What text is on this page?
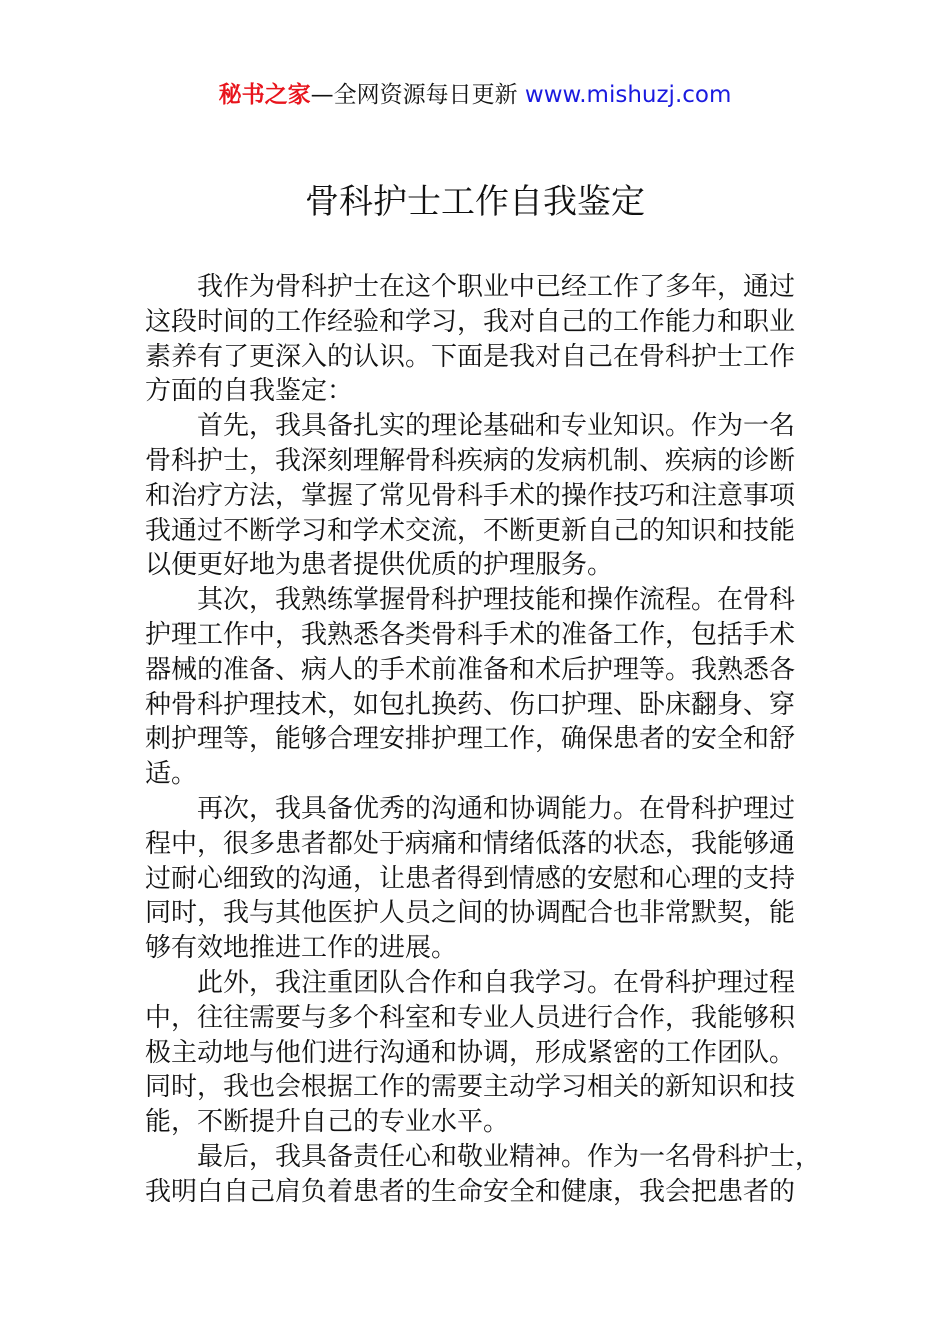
秘书之家—全网资源每日更新 www.mishuzj.com
骨科护士工作自我鉴定
我作为骨科护士在这个职业中已经工作了多年，通过
这段时间的工作经验和学习，我对自己的工作能力和职业
素养有了更深入的认识。下面是我对自己在骨科护士工作
方面的自我鉴定：
首先，我具备扎实的理论基础和专业知识。作为一名
骨科护士，我深刻理解骨科疾病的发病机制、疾病的诊断
和治疗方法，掌握了常见骨科手术的操作技巧和注意事项
我通过不断学习和学术交流，不断更新自己的知识和技能
以便更好地为患者提供优质的护理服务。
其次，我熟练掌握骨科护理技能和操作流程。在骨科
护理工作中，我熟悉各类骨科手术的准备工作，包括手术
器械的准备、病人的手术前准备和术后护理等。我熟悉各
种骨科护理技术，如包扎换药、伤口护理、卧床翻身、穿
刺护理等，能够合理安排护理工作，确保患者的安全和舒
适。
再次，我具备优秀的沟通和协调能力。在骨科护理过
程中，很多患者都处于病痛和情绪低落的状态，我能够通
过耐心细致的沟通，让患者得到情感的安慰和心理的支持
同时，我与其他医护人员之间的协调配合也非常默契，能
够有效地推进工作的进展。
此外，我注重团队合作和自我学习。在骨科护理过程
中，往往需要与多个科室和专业人员进行合作，我能够积
极主动地与他们进行沟通和协调，形成紧密的工作团队。
同时，我也会根据工作的需要主动学习相关的新知识和技
能，不断提升自己的专业水平。
最后，我具备责任心和敬业精神。作为一名骨科护士，
我明白自己肩负着患者的生命安全和健康，我会把患者的
